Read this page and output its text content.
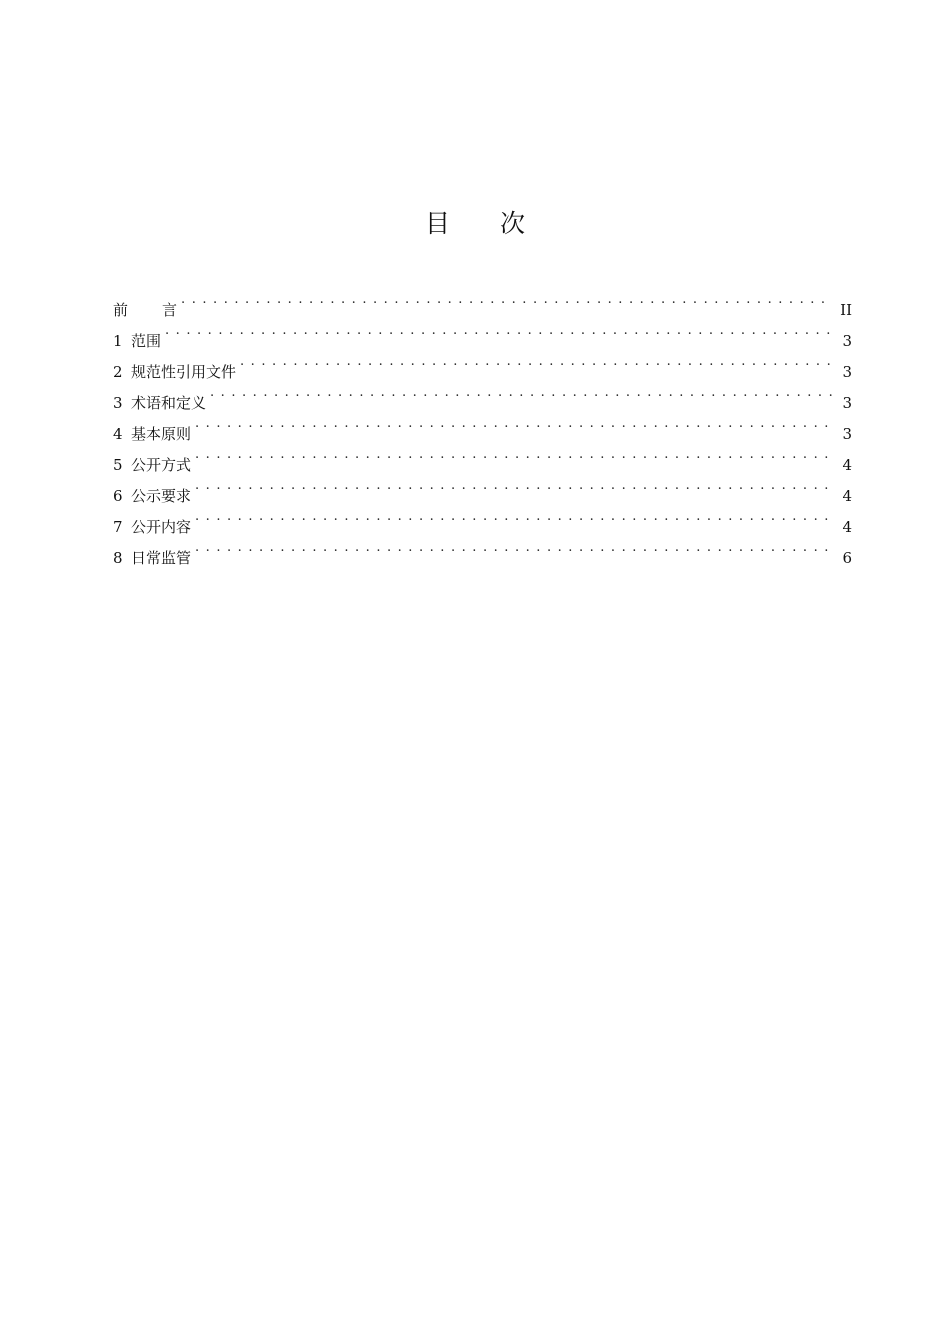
目 次
前 言 . . .	II
1 范围 . . .	3
2 规范性引用文件 . . .	3
3 术语和定义 . . .	3
4 基本原则 . . .	3
5 公开方式 . . .	4
6 公示要求 . . .	4
7 公开内容 . . .	4
8 日常监管 . . .	6
